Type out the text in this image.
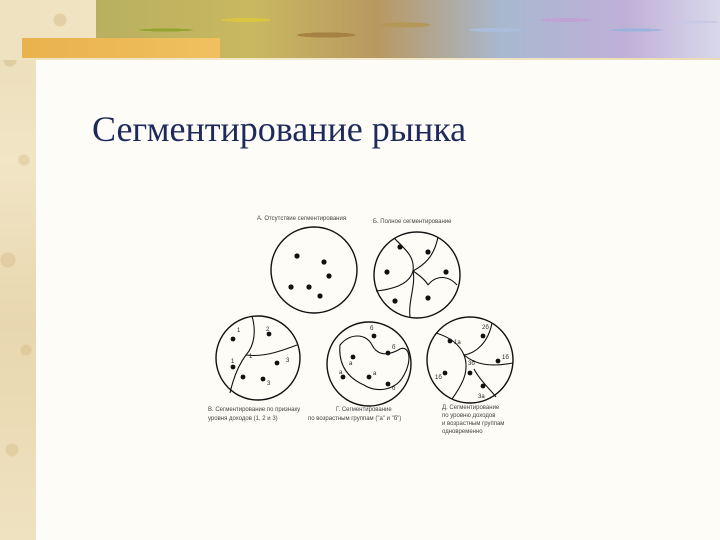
Сегментирование рынка
А. Отсутствие сегментирования	Б. Полное сегментирование
1	2
1
3
1
3
В. Сегментирование по признаку
уровня доходов (1, 2 и 3)
б
б
а
а	а
б
Г. Сегментирование
по возрастным группам ("а" и "б")
1а
2б
1б
3б
1б
3а
Д. Сегментирование
по уровню доходов
и возрастным группам
одновременно
